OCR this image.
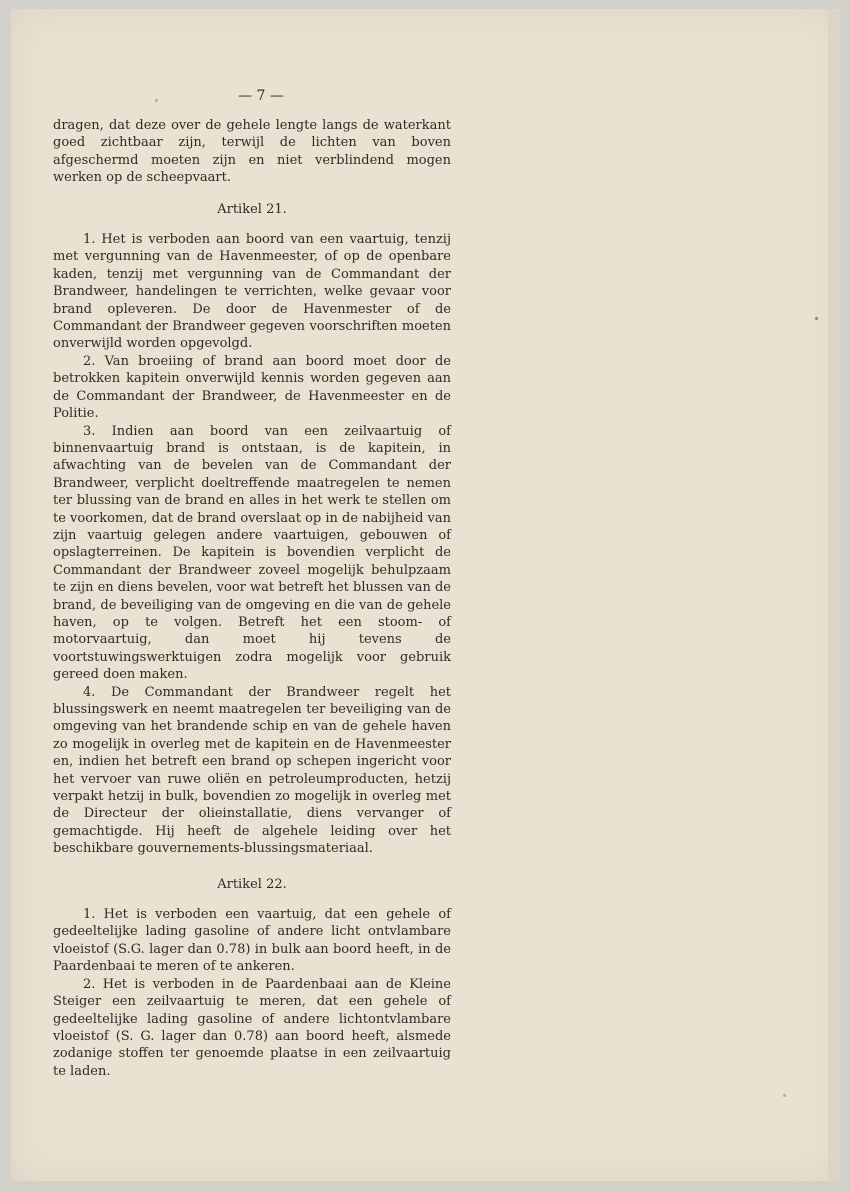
— 7 —

dragen, dat deze over de gehele lengte langs de waterkant goed zichtbaar zijn, terwijl de lichten van boven afgeschermd moeten zijn en niet verblindend mogen werken op de scheepvaart.

Artikel 21.

1. Het is verboden aan boord van een vaartuig, tenzij met vergunning van de Havenmeester, of op de openbare kaden, tenzij met vergunning van de Commandant der Brandweer, handelingen te verrichten, welke gevaar voor brand opleveren. De door de Havenmester of de Commandant der Brandweer gegeven voorschriften moeten onverwijld worden opgevolgd.

2. Van broeiing of brand aan boord moet door de betrokken kapitein onverwijld kennis worden gegeven aan de Commandant der Brandweer, de Havenmeester en de Politie.

3. Indien aan boord van een zeilvaartuig of binnenvaartuig brand is ontstaan, is de kapitein, in afwachting van de bevelen van de Commandant der Brandweer, verplicht doeltreffende maatregelen te nemen ter blussing van de brand en alles in het werk te stellen om te voorkomen, dat de brand overslaat op in de nabijheid van zijn vaartuig gelegen andere vaartuigen, gebouwen of opslagterreinen. De kapitein is bovendien verplicht de Commandant der Brandweer zoveel mogelijk behulpzaam te zijn en diens bevelen, voor wat betreft het blussen van de brand, de beveiliging van de omgeving en die van de gehele haven, op te volgen. Betreft het een stoom- of motorvaartuig, dan moet hij tevens de voortstuwingswerktuigen zodra mogelijk voor gebruik gereed doen maken.

4. De Commandant der Brandweer regelt het blussingswerk en neemt maatregelen ter beveiliging van de omgeving van het brandende schip en van de gehele haven zo mogelijk in overleg met de kapitein en de Havenmeester en, indien het betreft een brand op schepen ingericht voor het vervoer van ruwe oliën en petroleumproducten, hetzij verpakt hetzij in bulk, bovendien zo mogelijk in overleg met de Directeur der olieinstallatie, diens vervanger of gemachtigde. Hij heeft de algehele leiding over het beschikbare gouvernements-blussingsmateriaal.

Artikel 22.

1. Het is verboden een vaartuig, dat een gehele of gedeeltelijke lading gasoline of andere licht ontvlambare vloeistof (S.G. lager dan 0.78) in bulk aan boord heeft, in de Paardenbaai te meren of te ankeren.

2. Het is verboden in de Paardenbaai aan de Kleine Steiger een zeilvaartuig te meren, dat een gehele of gedeeltelijke lading gasoline of andere lichtontvlambare vloeistof (S. G. lager dan 0.78) aan boord heeft, alsmede zodanige stoffen ter genoemde plaatse in een zeilvaartuig te laden.
